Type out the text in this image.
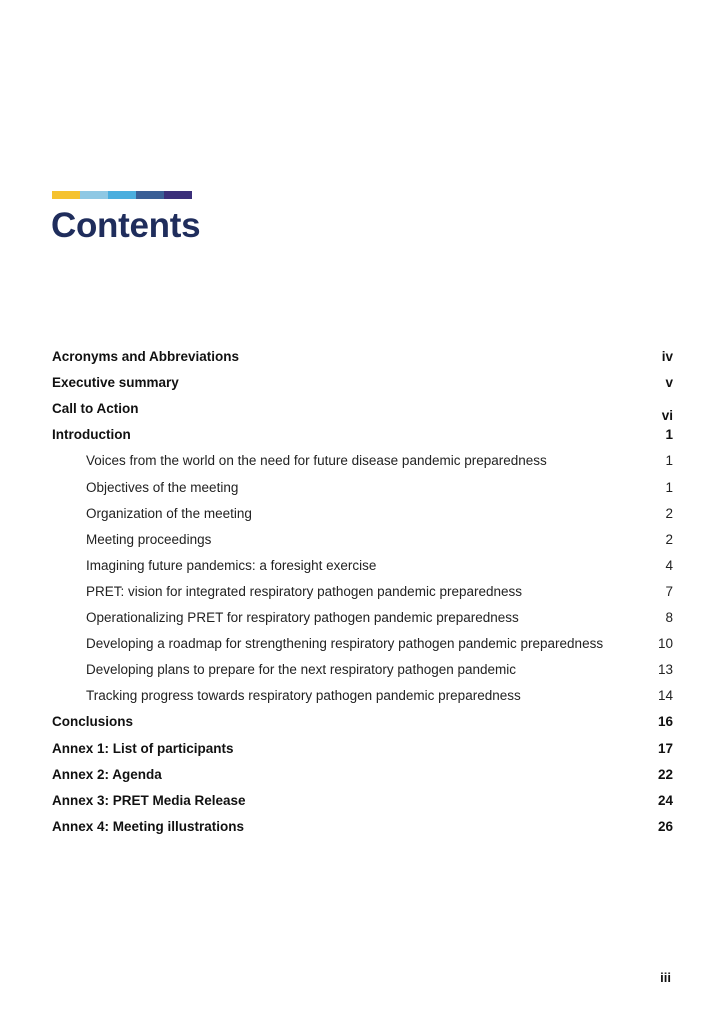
Contents
Acronyms and Abbreviations	iv
Executive summary	v
Call to Action	vi
Introduction	1
Voices from the world on the need for future disease pandemic preparedness	1
Objectives of the meeting	1
Organization of the meeting	2
Meeting proceedings	2
Imagining future pandemics: a foresight exercise	4
PRET: vision for integrated respiratory pathogen pandemic preparedness	7
Operationalizing PRET for respiratory pathogen pandemic preparedness	8
Developing a roadmap for strengthening respiratory pathogen pandemic preparedness	10
Developing plans to prepare for the next respiratory pathogen pandemic	13
Tracking progress towards respiratory pathogen pandemic preparedness	14
Conclusions	16
Annex 1: List of participants	17
Annex 2: Agenda	22
Annex 3: PRET Media Release	24
Annex 4: Meeting illustrations	26
iii
